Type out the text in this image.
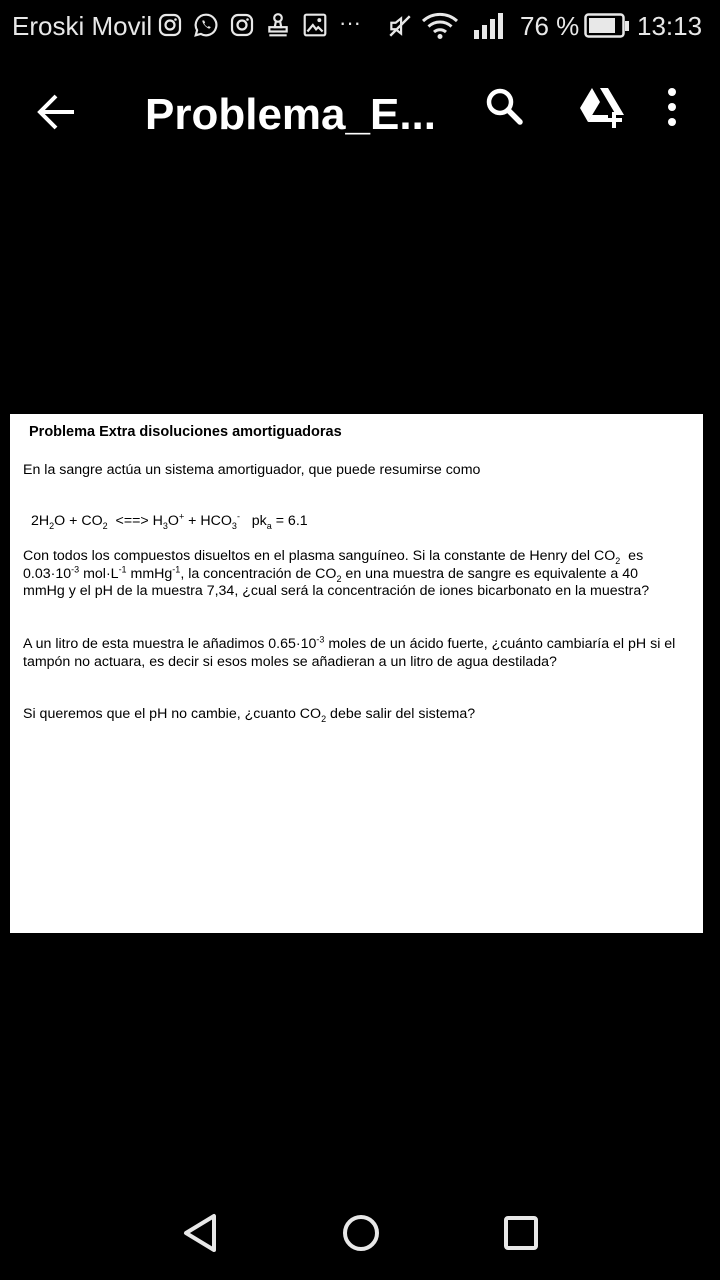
Eroski Movil	···	76 % 13:13
Problema_E...
Problema Extra disoluciones amortiguadoras
En la sangre actúa un sistema amortiguador, que puede resumirse como
$2H_2O + CO_2$  <==> $H_3O^+ + HCO_3^-$   $pk_a = 6.1$
Con todos los compuestos disueltos en el plasma sanguíneo. Si la constante de Henry del $CO_2$  es $0.03\cdot 10^{-3}$ $mol\cdot L^{-1}$ mmHg$^{-1}$, la concentración de $CO_2$ en una muestra de sangre es equivalente a 40 mmHg y el pH de la muestra 7,34, ¿cual será la concentración de iones bicarbonato en la muestra?
A un litro de esta muestra le añadimos $0.65\cdot 10^{-3}$ moles de un ácido fuerte, ¿cuánto cambiaría el pH si el tampón no actuara, es decir si esos moles se añadieran a un litro de agua destilada?
Si queremos que el pH no cambie, ¿cuanto $CO_2$ debe salir del sistema?
